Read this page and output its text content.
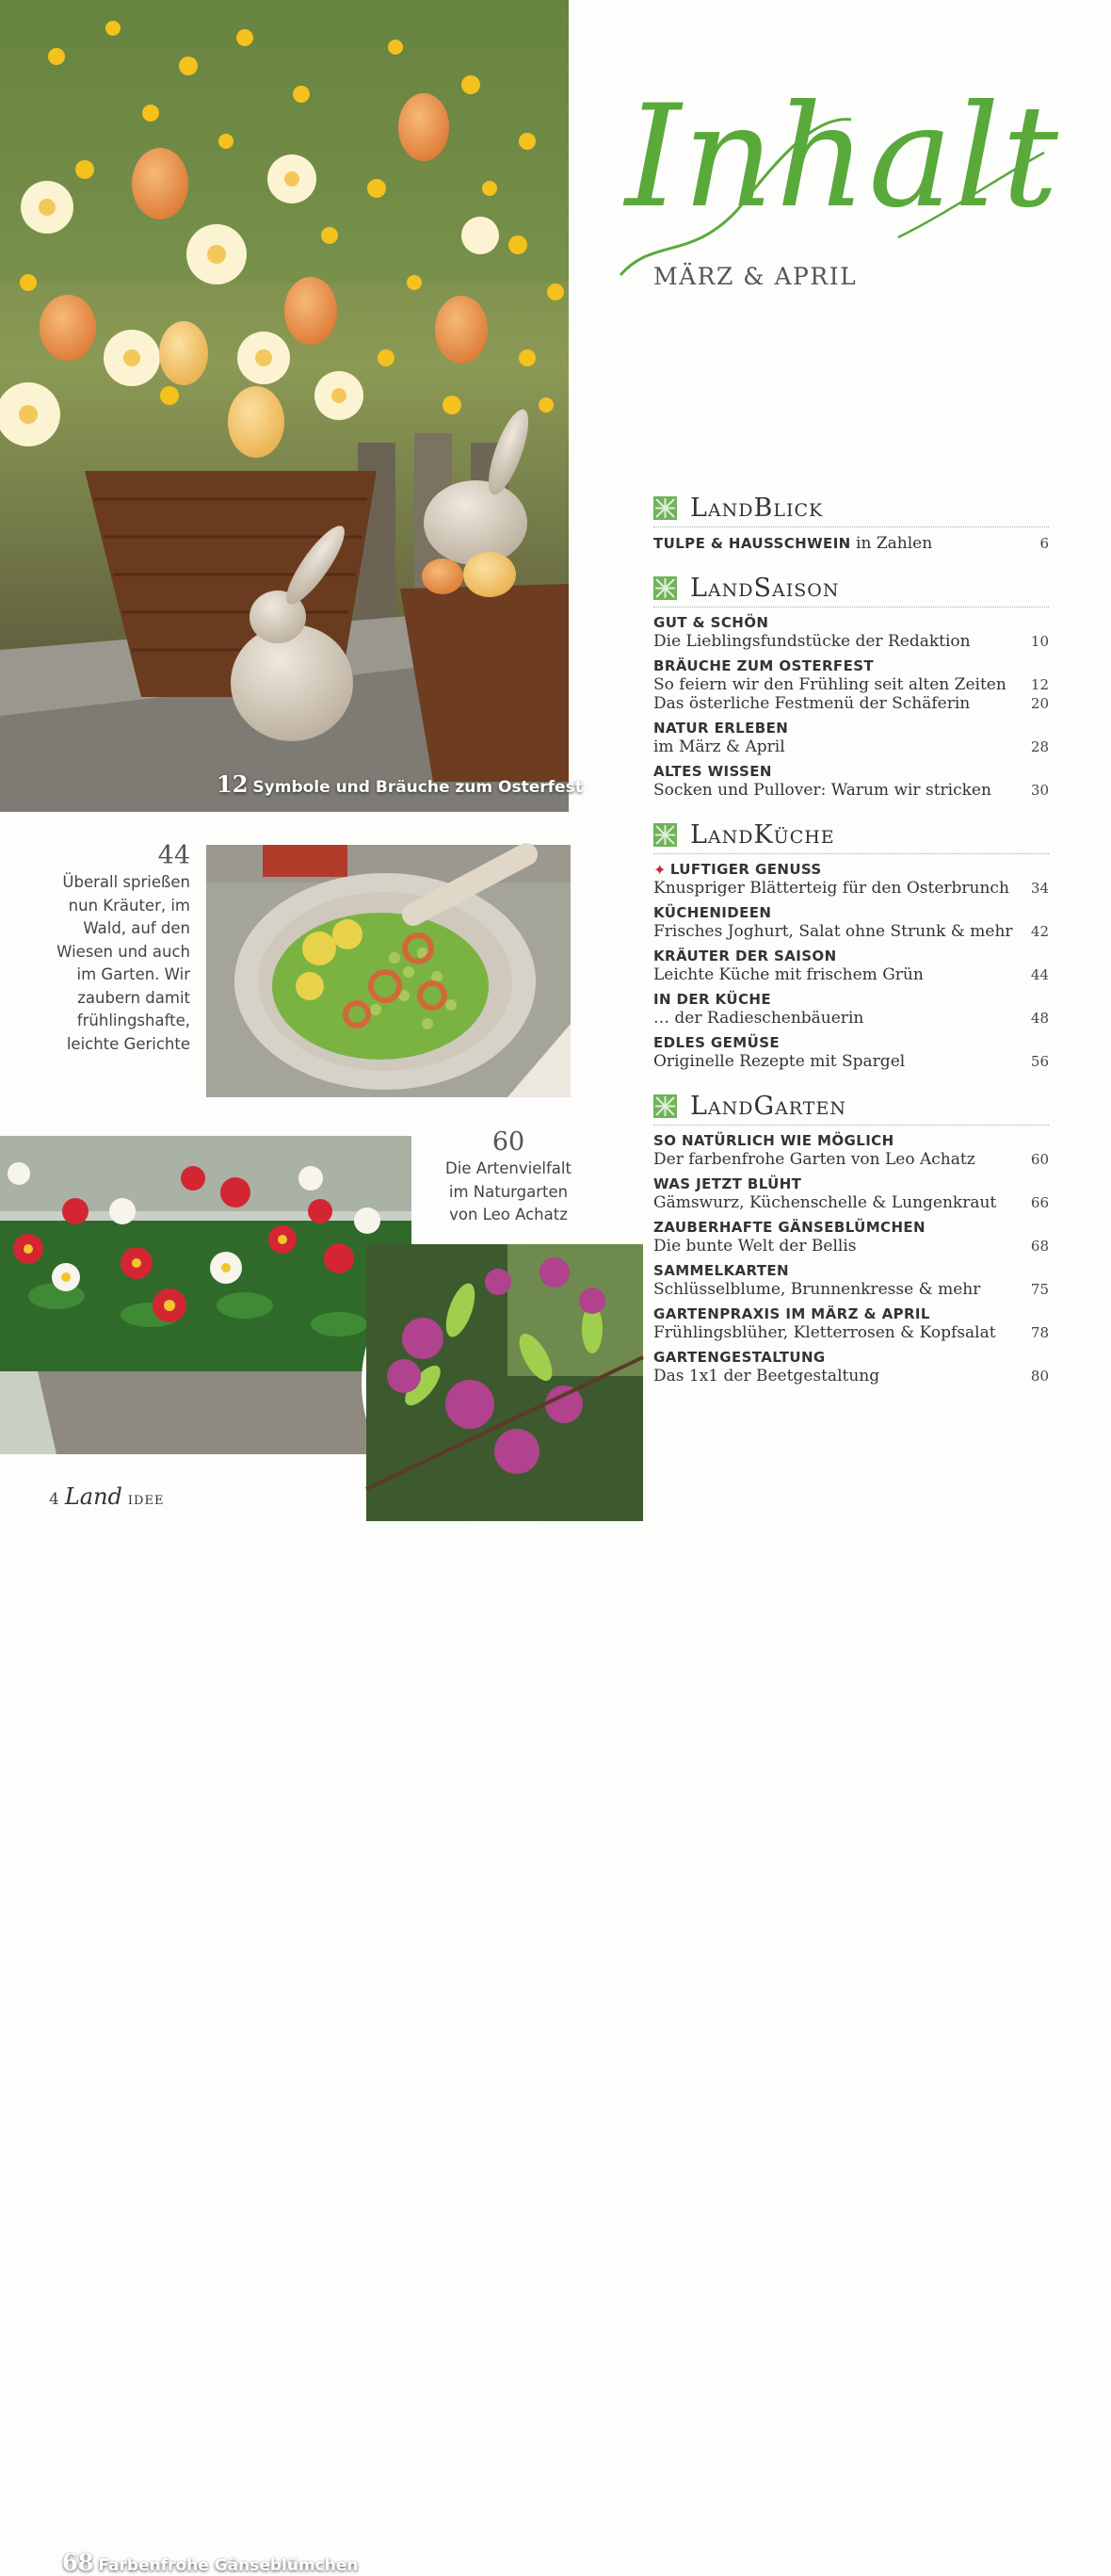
12 Symbole und Bräuche zum Osterfest
68 Farbenfrohe Gänseblümchen
44
Überall sprießen
nun Kräuter, im
Wald, auf den
Wiesen und auch
im Garten. Wir
zaubern damit
frühlingshafte,
leichte Gerichte
60
Die Artenvielfalt
im Naturgarten
von Leo Achatz
Inhalt
MÄRZ & APRIL
LandBlick
TULPE & HAUSSCHWEIN in Zahlen	6
LandSaison
GUT & SCHÖN
Die Lieblingsfundstücke der Redaktion	10
BRÄUCHE ZUM OSTERFEST
So feiern wir den Frühling seit alten Zeiten 12
Das österliche Festmenü der Schäferin	20
NATUR ERLEBEN
im März & April	28
ALTES WISSEN
Socken und Pullover: Warum wir stricken	30
LandKüche
✦ LUFTIGER GENUSS
Knuspriger Blätterteig für den Osterbrunch 34
KÜCHENIDEEN
Frisches Joghurt, Salat ohne Strunk & mehr 42
KRÄUTER DER SAISON
Leichte Küche mit frischem Grün	44
IN DER KÜCHE
… der Radieschenbäuerin	48
EDLES GEMÜSE
Originelle Rezepte mit Spargel	56
LandGarten
SO NATÜRLICH WIE MÖGLICH
Der farbenfrohe Garten von Leo Achatz	60
WAS JETZT BLÜHT
Gämswurz, Küchenschelle & Lungenkraut 66
ZAUBERHAFTE GÄNSEBLÜMCHEN
Die bunte Welt der Bellis	68
SAMMELKARTEN
Schlüsselblume, Brunnenkresse & mehr	75
GARTENPRAXIS IM MÄRZ & APRIL
Frühlingsblüher, Kletterrosen & Kopfsalat 78
GARTENGESTALTUNG
Das 1x1 der Beetgestaltung	80
4 Land IDEE
